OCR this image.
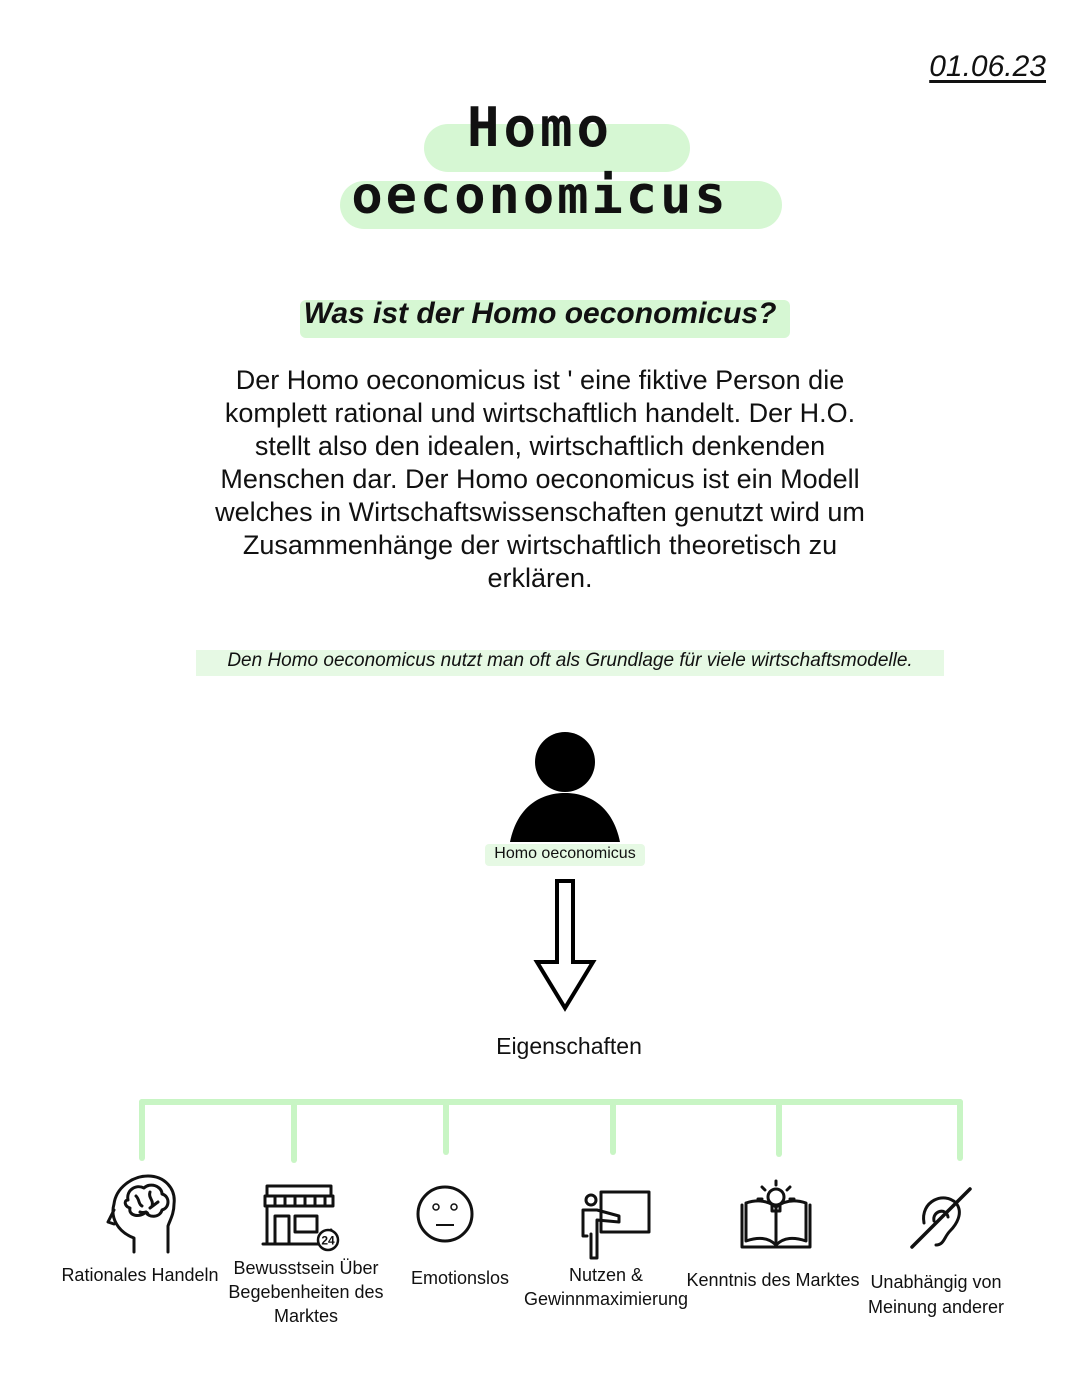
01.06.23
Homo
oeconomicus
Was ist der Homo oeconomicus?
Der Homo oeconomicus ist ' eine fiktive Person die komplett rational und wirtschaftlich handelt. Der H.O. stellt also den idealen, wirtschaftlich denkenden Menschen dar. Der Homo oeconomicus ist ein Modell welches in Wirtschaftswissenschaften genutzt wird um Zusammenhänge der wirtschaftlich theoretisch zu erklären.
Den Homo oeconomicus nutzt man oft als Grundlage für viele wirtschaftsmodelle.
Homo oeconomicus
Eigenschaften
Rationales Handeln
24
Bewusstsein Über Begebenheiten des Marktes
Emotionslos	Nutzen & Gewinnmaximierung
Kenntnis des Marktes Unabhängig von Meinung anderer
